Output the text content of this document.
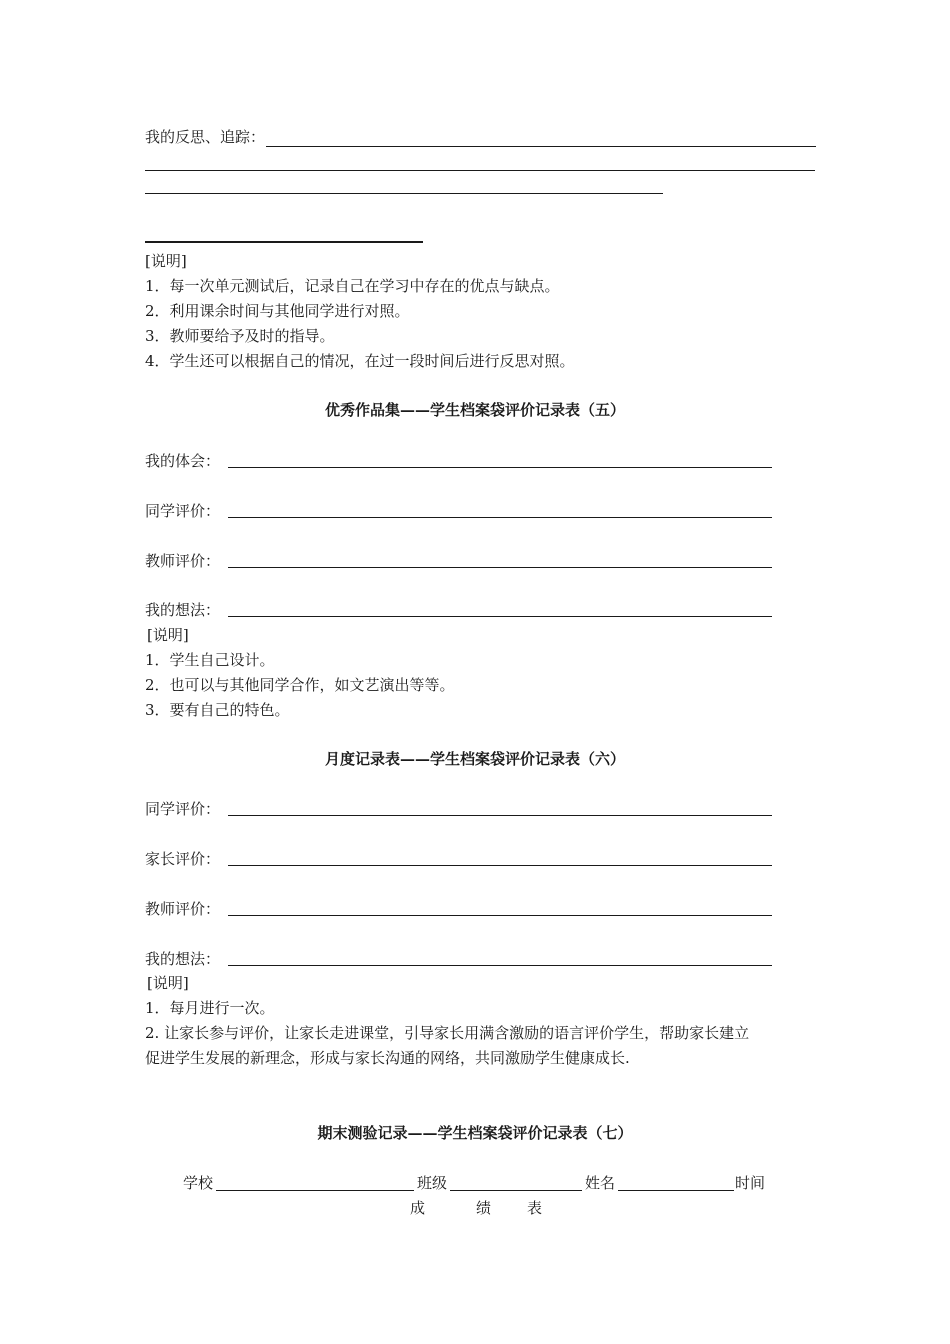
我的反思、追踪：
[说明]
1．每一次单元测试后，记录自己在学习中存在的优点与缺点。
2．利用课余时间与其他同学进行对照。
3．教师要给予及时的指导。
4．学生还可以根据自己的情况，在过一段时间后进行反思对照。
优秀作品集——学生档案袋评价记录表（五）
我的体会：
同学评价：
教师评价：
我的想法：
[说明]
1．学生自己设计。
2．也可以与其他同学合作，如文艺演出等等。
3．要有自己的特色。
月度记录表——学生档案袋评价记录表（六）
同学评价：
家长评价：
教师评价：
我的想法：
[说明]
1．每月进行一次。
2. 让家长参与评价，让家长走进课堂，引导家长用满含激励的语言评价学生，帮助家长建立
促进学生发展的新理念，形成与家长沟通的网络，共同激励学生健康成长.
期末测验记录——学生档案袋评价记录表（七）
学校	班级	姓名	时间
成	绩 表
